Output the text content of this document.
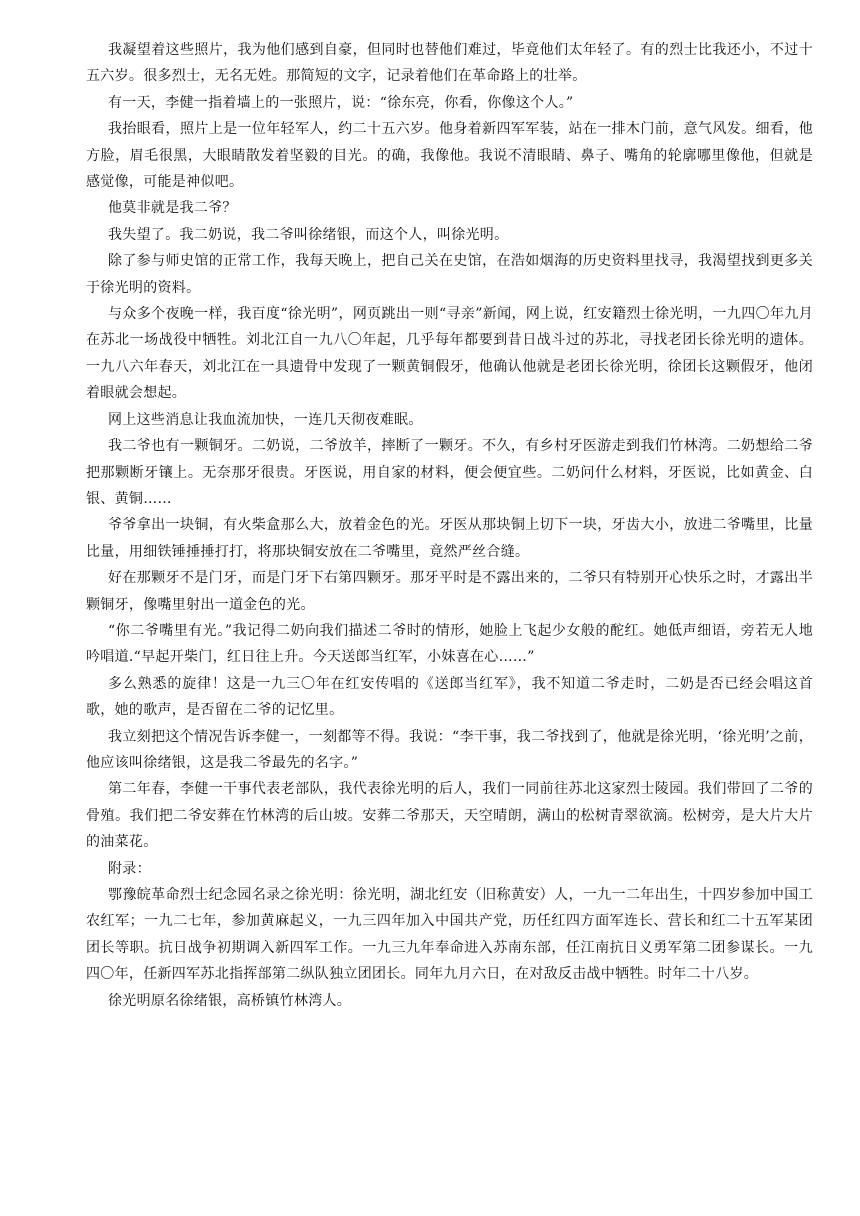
我凝望着这些照片，我为他们感到自豪，但同时也替他们难过，毕竟他们太年轻了。有的烈士比我还小，不过十五六岁。很多烈士，无名无姓。那简短的文字，记录着他们在革命路上的壮举。

有一天，李健一指着墙上的一张照片，说：“徐东亮，你看，你像这个人。”

我抬眼看，照片上是一位年轻军人，约二十五六岁。他身着新四军军装，站在一排木门前，意气风发。细看，他方脸，眉毛很黑，大眼睛散发着坚毅的目光。的确，我像他。我说不清眼睛、鼻子、嘴角的轮廓哪里像他，但就是感觉像，可能是神似吧。

他莫非就是我二爷？

我失望了。我二奶说，我二爷叫徐绪银，而这个人，叫徐光明。

除了参与师史馆的正常工作，我每天晚上，把自己关在史馆，在浩如烟海的历史资料里找寻，我渴望找到更多关于徐光明的资料。

与众多个夜晚一样，我百度“徐光明”，网页跳出一则“寻亲”新闻，网上说，红安籍烈士徐光明，一九四〇年九月在苏北一场战役中牺牲。刘北江自一九八〇年起，几乎每年都要到昔日战斗过的苏北，寻找老团长徐光明的遗体。一九八六年春天，刘北江在一具遗骨中发现了一颗黄铜假牙，他确认他就是老团长徐光明，徐团长这颗假牙，他闭着眼就会想起。

网上这些消息让我血流加快，一连几天彻夜难眠。

我二爷也有一颗铜牙。二奶说，二爷放羊，摔断了一颗牙。不久，有乡村牙医游走到我们竹林湾。二奶想给二爷把那颗断牙镶上。无奈那牙很贵。牙医说，用自家的材料，便会便宜些。二奶问什么材料，牙医说，比如黄金、白银、黄铜……

爷爷拿出一块铜，有火柴盒那么大，放着金色的光。牙医从那块铜上切下一块，牙齿大小，放进二爷嘴里，比量比量，用细铁锤捶捶打打，将那块铜安放在二爷嘴里，竟然严丝合缝。

好在那颗牙不是门牙，而是门牙下右第四颗牙。那牙平时是不露出来的，二爷只有特别开心快乐之时，才露出半颗铜牙，像嘴里射出一道金色的光。

“你二爷嘴里有光。”我记得二奶向我们描述二爷时的情形，她脸上飞起少女般的酡红。她低声细语，旁若无人地吟唱道.“早起开柴门，红日往上升。今天送郎当红军，小妹喜在心……”

多么熟悉的旋律！这是一九三〇年在红安传唱的《送郎当红军》，我不知道二爷走时，二奶是否已经会唱这首歌，她的歌声，是否留在二爷的记忆里。

我立刻把这个情况告诉李健一，一刻都等不得。我说：“李干事，我二爷找到了，他就是徐光明，‘徐光明’之前，他应该叫徐绪银，这是我二爷最先的名字。”

第二年春，李健一干事代表老部队，我代表徐光明的后人，我们一同前往苏北这家烈士陵园。我们带回了二爷的骨殖。我们把二爷安葬在竹林湾的后山坡。安葬二爷那天，天空晴朗，满山的松树青翠欲滴。松树旁，是大片大片的油菜花。

附录：

鄂豫皖革命烈士纪念园名录之徐光明：徐光明，湖北红安（旧称黄安）人，一九一二年出生，十四岁参加中国工农红军；一九二七年，参加黄麻起义，一九三四年加入中国共产党，历任红四方面军连长、营长和红二十五军某团团长等职。抗日战争初期调入新四军工作。一九三九年奉命进入苏南东部，任江南抗日义勇军第二团参谋长。一九四〇年，任新四军苏北指挥部第二纵队独立团团长。同年九月六日，在对敌反击战中牺牲。时年二十八岁。

徐光明原名徐绪银，高桥镇竹林湾人。
